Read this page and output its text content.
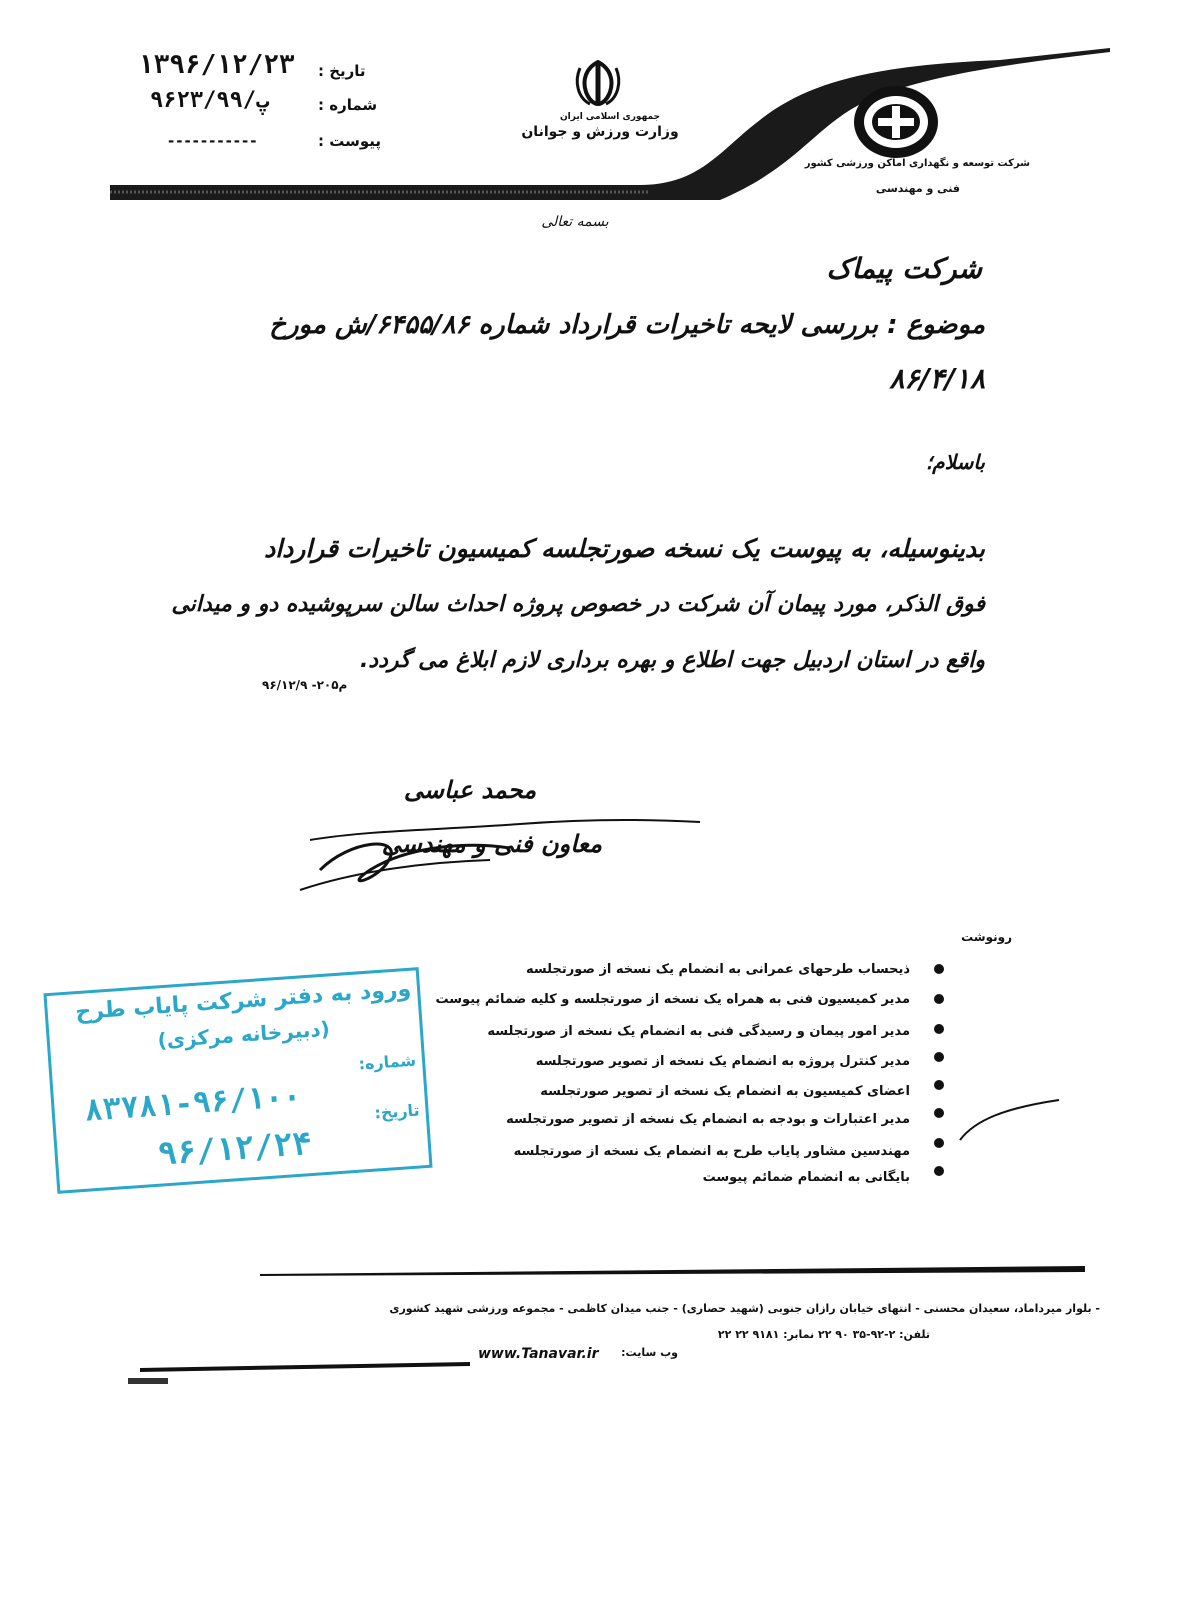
تاریخ :
۱۳۹۶/۱۲/۲۳
شماره :
۹۶۲۳/۹۹/پ
پیوست :
-----------
جمهوری اسلامی ایران
وزارت ورزش و جوانان
شرکت توسعه و نگهداری اماکن ورزشی کشور
فنی و مهندسی
بسمه تعالی
شرکت پیماک
موضوع : بررسی لایحه تاخیرات قرارداد شماره ۶۴۵۵/۸۶/ش مورخ
۸۶/۴/۱۸
باسلام؛
بدینوسیله، به پیوست یک نسخه صورتجلسه کمیسیون تاخیرات قرارداد
فوق الذکر، مورد پیمان آن شرکت در خصوص پروژه احداث سالن سرپوشیده دو و میدانی
واقع در استان اردبیل جهت اطلاع و بهره برداری لازم ابلاغ می گردد.
م۲۰۵- ۹۶/۱۲/۹
محمد عباسی
معاون فنی و مهندسی
رونوشت
ذیحساب طرحهای عمرانی به انضمام یک نسخه از صورتجلسه
مدیر کمیسیون فنی به همراه یک نسخه از صورتجلسه و کلیه ضمائم پیوست
مدیر امور پیمان و رسیدگی فنی به انضمام یک نسخه از صورتجلسه
مدیر کنترل پروژه به انضمام یک نسخه از تصویر صورتجلسه
اعضای کمیسیون به انضمام یک نسخه از تصویر صورتجلسه
مدیر اعتبارات و بودجه به انضمام یک نسخه از تصویر صورتجلسه
مهندسین مشاور پایاب طرح به انضمام یک نسخه از صورتجلسه
بایگانی به انضمام ضمائم پیوست
ورود به دفتر شرکت پایاب طرح
(دبیرخانه مرکزی)
شماره:
۸۳۷۸۱-۹۶/۱۰۰	تاریخ:
۹۶/۱۲/۲۴
- بلوار میرداماد، سعیدان محسنی - انتهای خیابان رازان جنوبی (شهید حصاری) - جنب میدان کاظمی - مجموعه ورزشی شهید کشوری
تلفن: ۲-۹۲-۳۵ ۹۰ ۲۲ نمابر: ۹۱۸۱ ۲۲ ۲۲
وب سایت:
www.Tanavar.ir
